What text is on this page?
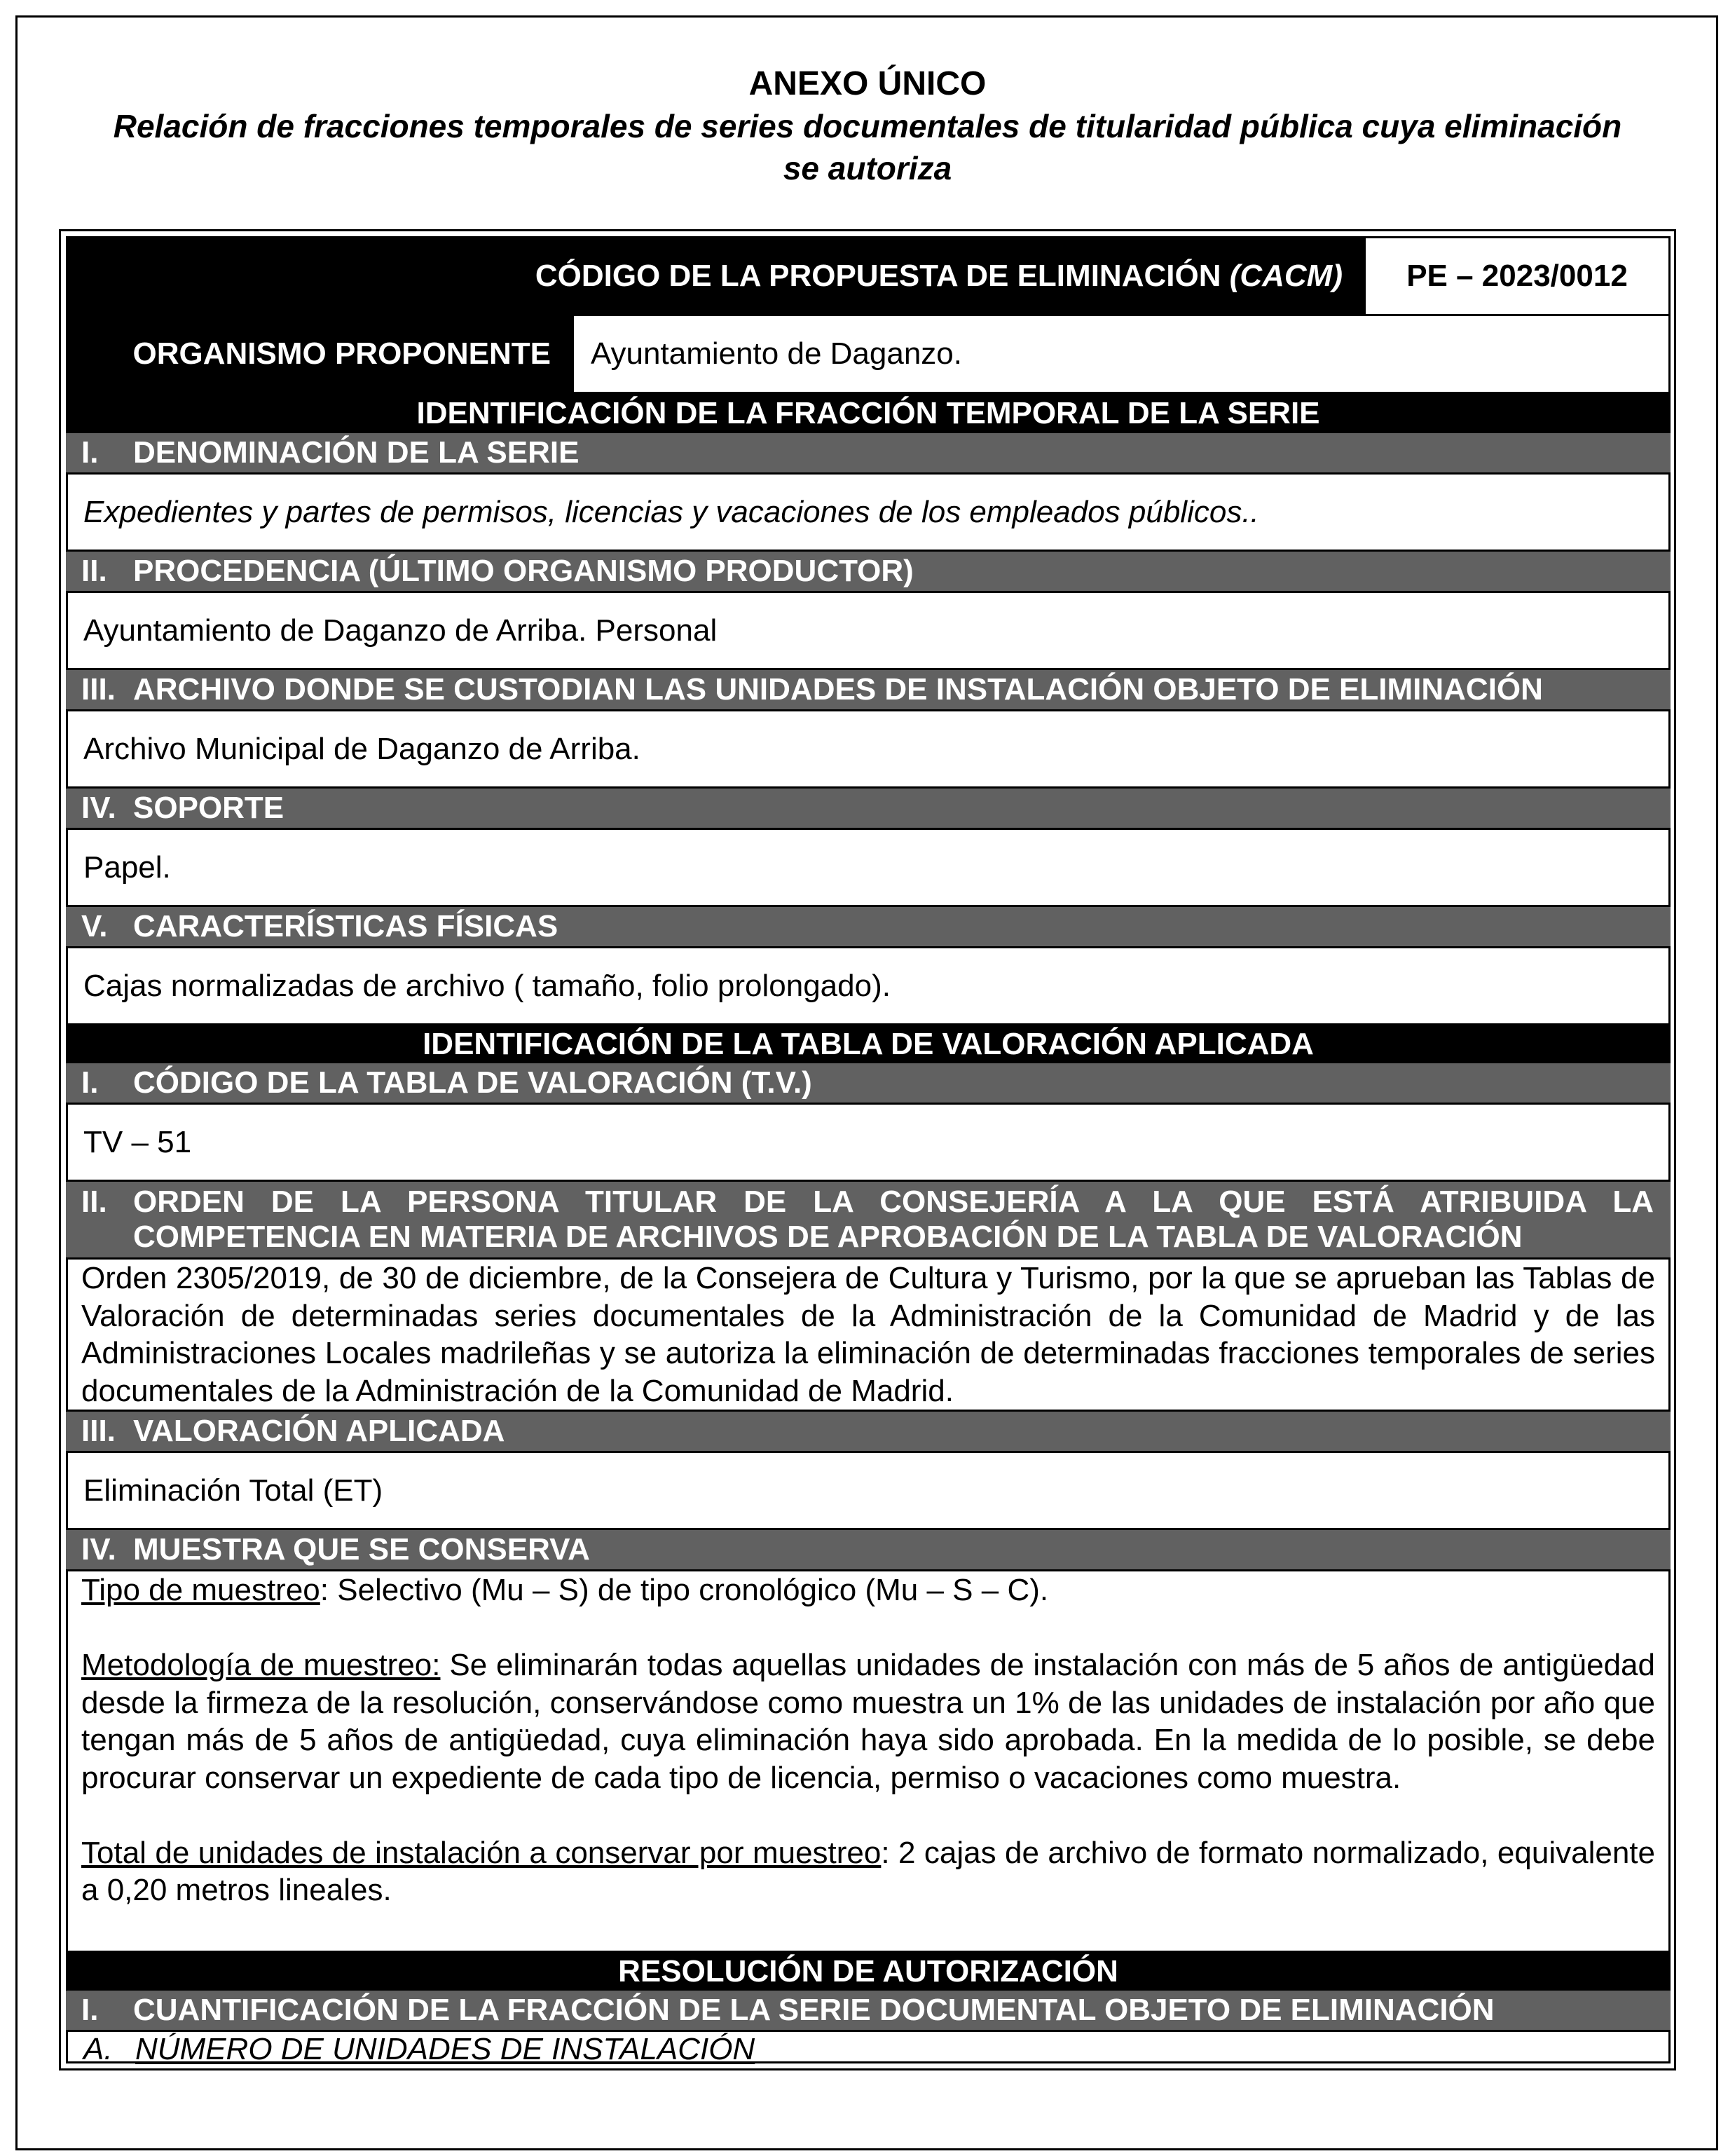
ANEXO ÚNICO
Relación de fracciones temporales de series documentales de titularidad pública cuya eliminación se autoriza
CÓDIGO DE LA PROPUESTA DE ELIMINACIÓN
(CACM)	PE – 2023/0012
ORGANISMO PROPONENTE	Ayuntamiento de Daganzo.
IDENTIFICACIÓN DE LA FRACCIÓN TEMPORAL DE LA SERIE
I.	DENOMINACIÓN DE LA SERIE
Expedientes y partes de permisos, licencias y vacaciones de los empleados públicos..
II. PROCEDENCIA (ÚLTIMO ORGANISMO PRODUCTOR)
Ayuntamiento de Daganzo de Arriba. Personal
III. ARCHIVO DONDE SE CUSTODIAN LAS UNIDADES DE INSTALACIÓN OBJETO DE ELIMINACIÓN
Archivo Municipal de Daganzo de Arriba.
IV. SOPORTE
Papel.
V. CARACTERÍSTICAS FÍSICAS
Cajas normalizadas de archivo ( tamaño, folio prolongado).
IDENTIFICACIÓN DE LA TABLA DE VALORACIÓN APLICADA
I.	CÓDIGO DE LA TABLA DE VALORACIÓN (T.V.)
TV – 51
II. ORDEN DE LA PERSONA TITULAR DE LA CONSEJERÍA A LA QUE ESTÁ ATRIBUIDA LA COMPETENCIA EN MATERIA DE ARCHIVOS DE APROBACIÓN DE LA TABLA DE VALORACIÓN
Orden 2305/2019, de 30 de diciembre, de la Consejera de Cultura y Turismo, por la que se aprueban las Tablas de Valoración de determinadas series documentales de la Administración de la Comunidad de Madrid y de las Administraciones Locales madrileñas y se autoriza la eliminación de determinadas fracciones temporales de series documentales de la Administración de la Comunidad de Madrid.
III. VALORACIÓN APLICADA
Eliminación Total (ET)
IV. MUESTRA QUE SE CONSERVA

Tipo de muestreo: Selectivo (Mu – S) de tipo cronológico (Mu – S – C).

Metodología de muestreo: Se eliminarán todas aquellas unidades de instalación con más de 5 años de antigüedad desde la firmeza de la resolución, conservándose como muestra un 1% de las unidades de instalación por año que tengan más de 5 años de antigüedad, cuya eliminación haya sido aprobada. En la medida de lo posible, se debe procurar conservar un expediente de cada tipo de licencia, permiso o vacaciones como muestra.

Total de unidades de instalación a conservar por muestreo: 2 cajas de archivo de formato normalizado, equivalente a 0,20 metros lineales.

RESOLUCIÓN DE AUTORIZACIÓN
I.	CUANTIFICACIÓN DE LA FRACCIÓN DE LA SERIE DOCUMENTAL OBJETO DE ELIMINACIÓN
A. NÚMERO DE UNIDADES DE INSTALACIÓN
